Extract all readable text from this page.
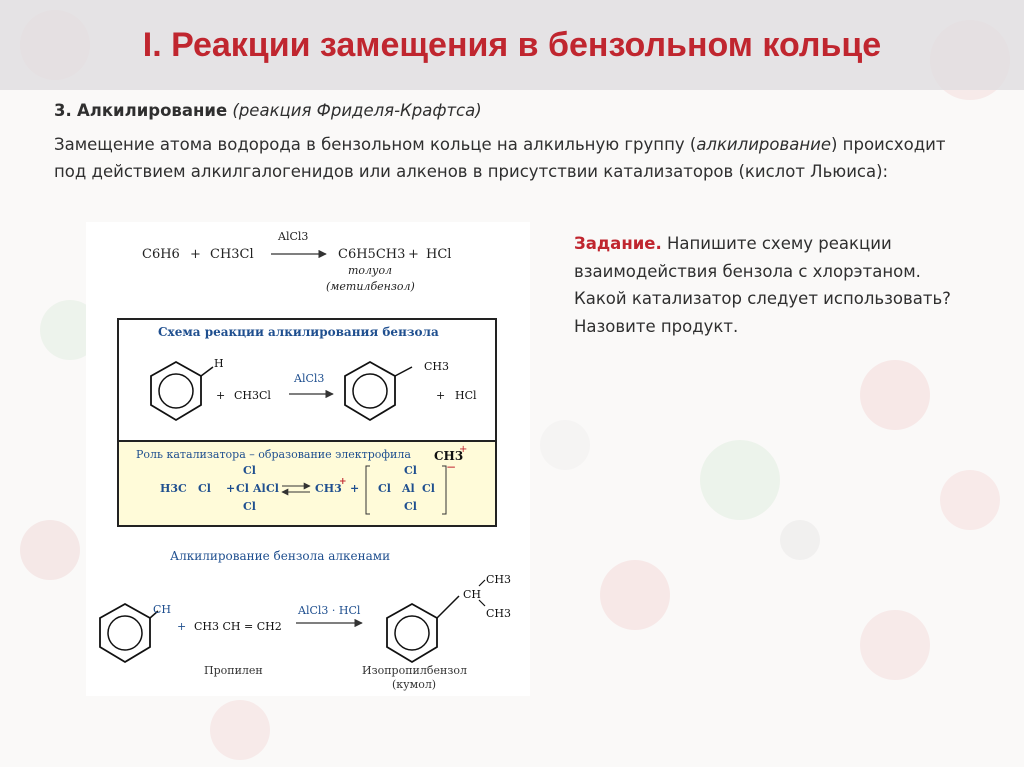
I. Реакции замещения в бензольном кольце
3. Алкилирование (реакция Фриделя-Крафтса)
Замещение атома водорода в бензольном кольце на алкильную группу (алкилирование) происходит под действием алкилгалогенидов или алкенов в присутствии катализаторов (кислот Льюиса):
Задание. Напишите схему реакции взаимодействия бензола с хлорэтаном. Какой катализатор следует использовать? Назовите продукт.
C6H6 + CH3Cl
AlCl3
C6H5CH3 + HCl
толуол
(метилбензол)
Схема реакции алкилирования бензола
H
+ CH3Cl
AlCl3
CH3
+ HCl
Роль катализатора – образование электрофила CH3
+
−
H3C Cl +
Cl
Cl Al Cl
Cl
CH3
+ +
Cl
Cl Al Cl
Cl
Алкилирование бензола алкенами
CH
+ CH3 CH = CH2
AlCl3 · HCl
CH3
CH
CH3
Пропилен	Изопропилбензол
(кумол)
